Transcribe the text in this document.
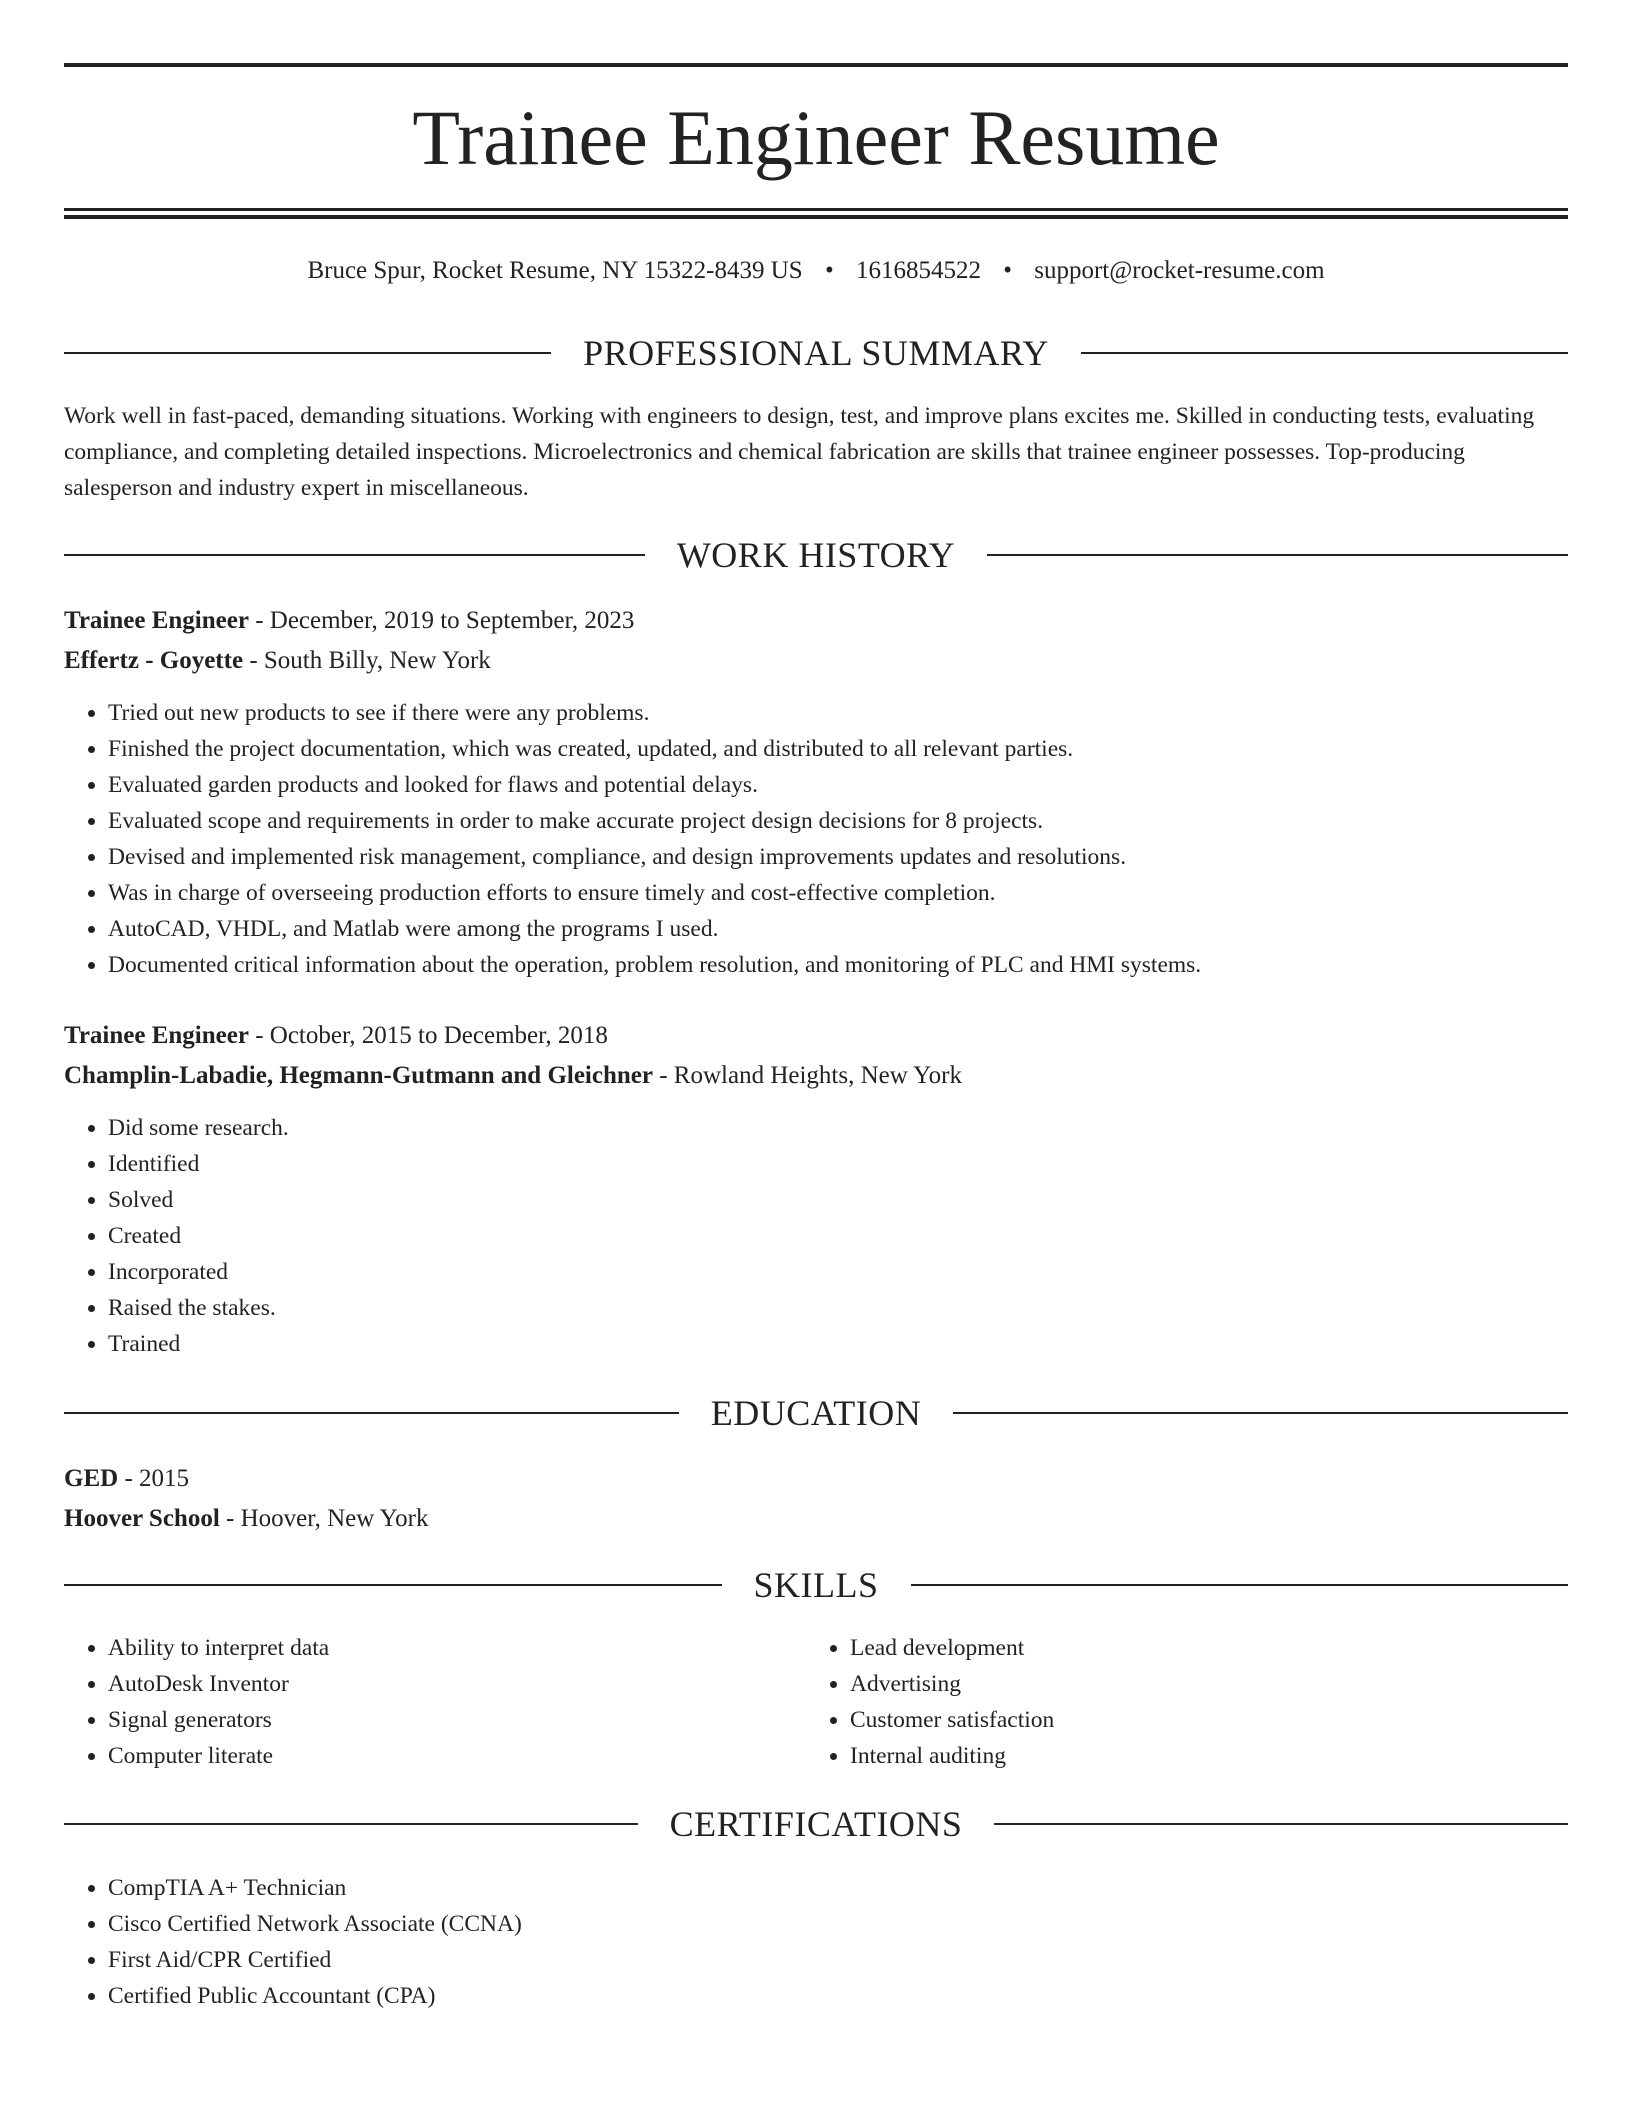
Trainee Engineer Resume
Bruce Spur, Rocket Resume, NY 15322-8439 US • 1616854522 • support@rocket-resume.com
PROFESSIONAL SUMMARY
Work well in fast-paced, demanding situations. Working with engineers to design, test, and improve plans excites me. Skilled in conducting tests, evaluating compliance, and completing detailed inspections. Microelectronics and chemical fabrication are skills that trainee engineer possesses. Top-producing salesperson and industry expert in miscellaneous.
WORK HISTORY
Trainee Engineer - December, 2019 to September, 2023
Effertz - Goyette - South Billy, New York
• Tried out new products to see if there were any problems.
• Finished the project documentation, which was created, updated, and distributed to all relevant parties.
• Evaluated garden products and looked for flaws and potential delays.
• Evaluated scope and requirements in order to make accurate project design decisions for 8 projects.
• Devised and implemented risk management, compliance, and design improvements updates and resolutions.
• Was in charge of overseeing production efforts to ensure timely and cost-effective completion.
• AutoCAD, VHDL, and Matlab were among the programs I used.
• Documented critical information about the operation, problem resolution, and monitoring of PLC and HMI systems.
Trainee Engineer - October, 2015 to December, 2018
Champlin-Labadie, Hegmann-Gutmann and Gleichner - Rowland Heights, New York
• Did some research.
• Identified
• Solved
• Created
• Incorporated
• Raised the stakes.
• Trained
EDUCATION
GED - 2015
Hoover School - Hoover, New York
SKILLS
• Ability to interpret data
• AutoDesk Inventor
• Signal generators
• Computer literate
• Lead development
• Advertising
• Customer satisfaction
• Internal auditing
CERTIFICATIONS
• CompTIA A+ Technician
• Cisco Certified Network Associate (CCNA)
• First Aid/CPR Certified
• Certified Public Accountant (CPA)
